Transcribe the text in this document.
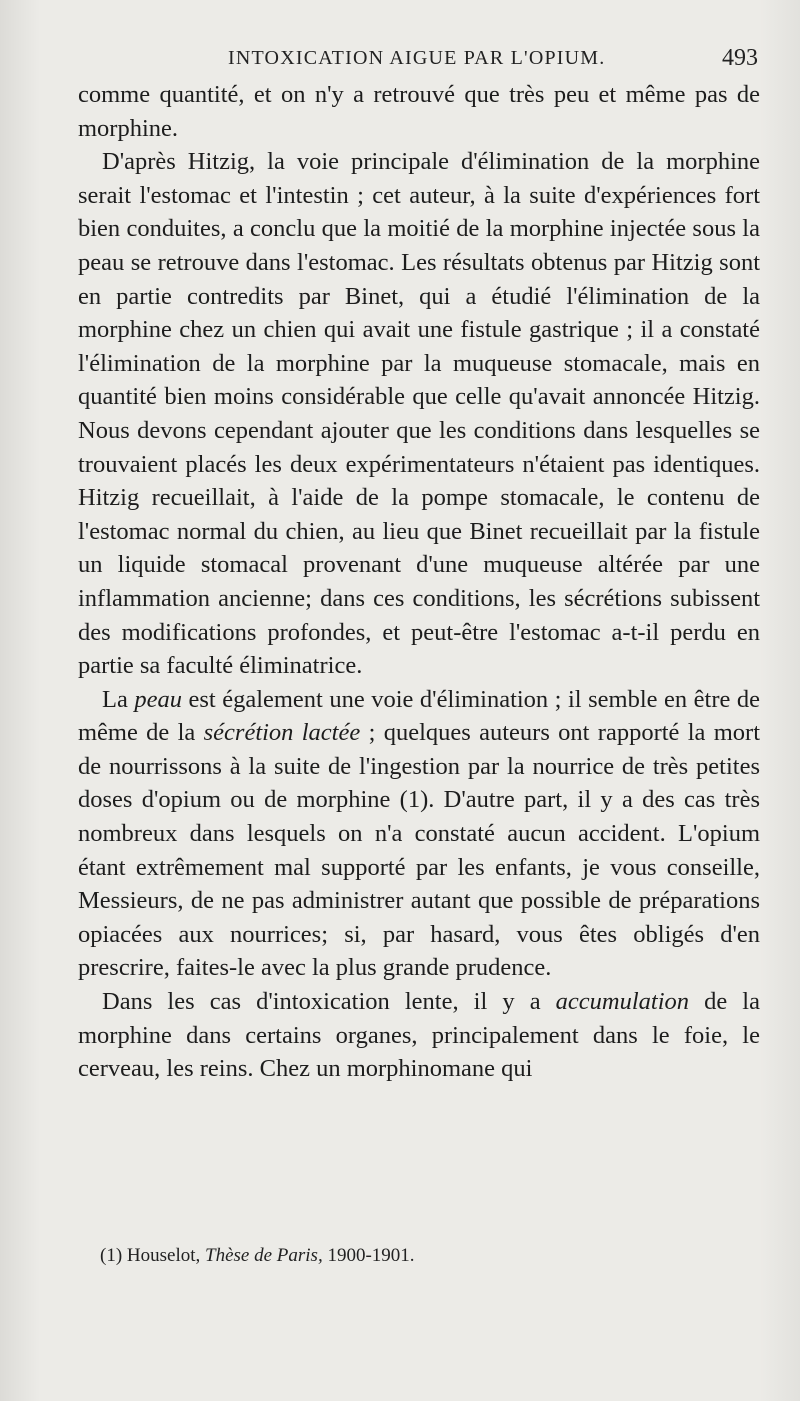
INTOXICATION AIGUE PAR L'OPIUM.	493

comme quantité, et on n'y a retrouvé que très peu et même pas de morphine.

D'après Hitzig, la voie principale d'élimination de la morphine serait l'estomac et l'intestin ; cet auteur, à la suite d'expériences fort bien conduites, a conclu que la moitié de la morphine injectée sous la peau se retrouve dans l'estomac. Les résultats obtenus par Hitzig sont en partie contredits par Binet, qui a étudié l'élimination de la morphine chez un chien qui avait une fistule gastrique ; il a constaté l'élimination de la morphine par la muqueuse stomacale, mais en quantité bien moins considérable que celle qu'avait annoncée Hitzig. Nous devons cependant ajouter que les conditions dans lesquelles se trouvaient placés les deux expérimentateurs n'étaient pas identiques. Hitzig recueillait, à l'aide de la pompe stomacale, le contenu de l'estomac normal du chien, au lieu que Binet recueillait par la fistule un liquide stomacal provenant d'une muqueuse altérée par une inflammation ancienne; dans ces conditions, les sécrétions subissent des modifications profondes, et peut-être l'estomac a-t-il perdu en partie sa faculté éliminatrice.

La peau est également une voie d'élimination ; il semble en être de même de la sécrétion lactée ; quelques auteurs ont rapporté la mort de nourrissons à la suite de l'ingestion par la nourrice de très petites doses d'opium ou de morphine (1). D'autre part, il y a des cas très nombreux dans lesquels on n'a constaté aucun accident. L'opium étant extrêmement mal supporté par les enfants, je vous conseille, Messieurs, de ne pas administrer autant que possible de préparations opiacées aux nourrices; si, par hasard, vous êtes obligés d'en prescrire, faites-le avec la plus grande prudence.

Dans les cas d'intoxication lente, il y a accumulation de la morphine dans certains organes, principalement dans le foie, le cerveau, les reins. Chez un morphinomane qui

(1) Houselot, Thèse de Paris, 1900-1901.
